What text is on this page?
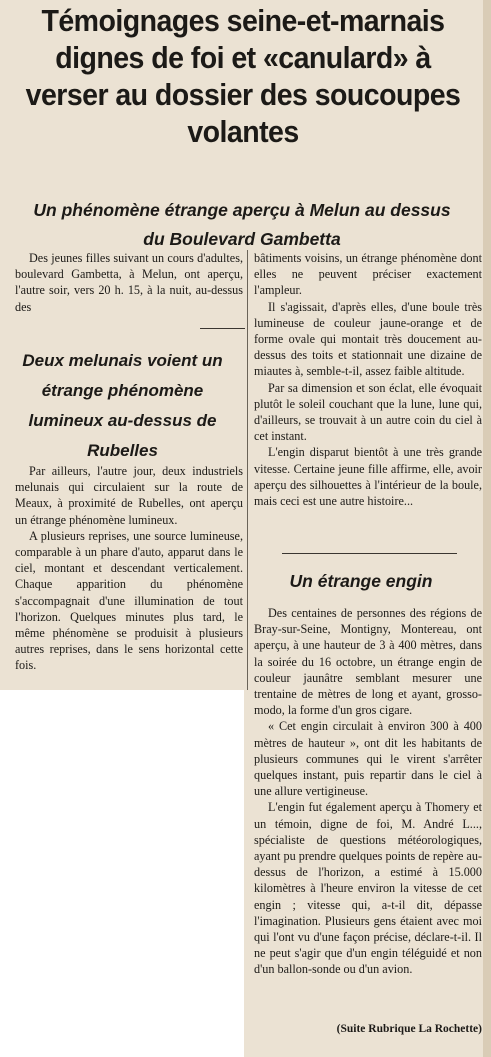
Témoignages seine-et-marnais dignes de foi et «canulard» à verser au dossier des soucoupes volantes
Un phénomène étrange aperçu à Melun au dessus du Boulevard Gambetta

Des jeunes filles suivant un cours d'adultes, boulevard Gambetta, à Melun, ont aperçu, l'autre soir, vers 20 h. 15, à la nuit, au-dessus des

Deux melunais voient un étrange phénomène lumineux au-dessus de Rubelles

Par ailleurs, l'autre jour, deux industriels melunais qui circulaient sur la route de Meaux, à proximité de Rubelles, ont aperçu un étrange phénomène lumineux.

A plusieurs reprises, une source lumineuse, comparable à un phare d'auto, apparut dans le ciel, montant et descendant verticalement. Chaque apparition du phénomène s'accompagnait d'une illumination de tout l'horizon. Quelques minutes plus tard, le même phénomène se produisit à plusieurs autres reprises, dans le sens horizontal cette fois.

bâtiments voisins, un étrange phénomène dont elles ne peuvent préciser exactement l'ampleur.

Il s'agissait, d'après elles, d'une boule très lumineuse de couleur jaune-orange et de forme ovale qui montait très doucement au-dessus des toits et stationnait une dizaine de miautes à, semble-t-il, assez faible altitude.

Par sa dimension et son éclat, elle évoquait plutôt le soleil couchant que la lune, lune qui, d'ailleurs, se trouvait à un autre coin du ciel à cet instant.

L'engin disparut bientôt à une très grande vitesse. Certaine jeune fille affirme, elle, avoir aperçu des silhouettes à l'intérieur de la boule, mais ceci est une autre histoire...

Un étrange engin

Des centaines de personnes des régions de Bray-sur-Seine, Montigny, Montereau, ont aperçu, à une hauteur de 3 à 400 mètres, dans la soirée du 16 octobre, un étrange engin de couleur jaunâtre semblant mesurer une trentaine de mètres de long et ayant, grosso-modo, la forme d'un gros cigare.

« Cet engin circulait à environ 300 à 400 mètres de hauteur », ont dit les habitants de plusieurs communes qui le virent s'arrêter quelques instant, puis repartir dans le ciel à une allure vertigineuse.

L'engin fut également aperçu à Thomery et un témoin, digne de foi, M. André L..., spécialiste de questions météorologiques, ayant pu prendre quelques points de repère au-dessus de l'horizon, a estimé à 15.000 kilomètres à l'heure environ la vitesse de cet engin ; vitesse qui, a-t-il dit, dépasse l'imagination. Plusieurs gens étaient avec moi qui l'ont vu d'une façon précise, déclare-t-il. Il ne peut s'agir que d'un engin téléguidé et non d'un ballon-sonde ou d'un avion.

(Suite Rubrique La Rochette)
